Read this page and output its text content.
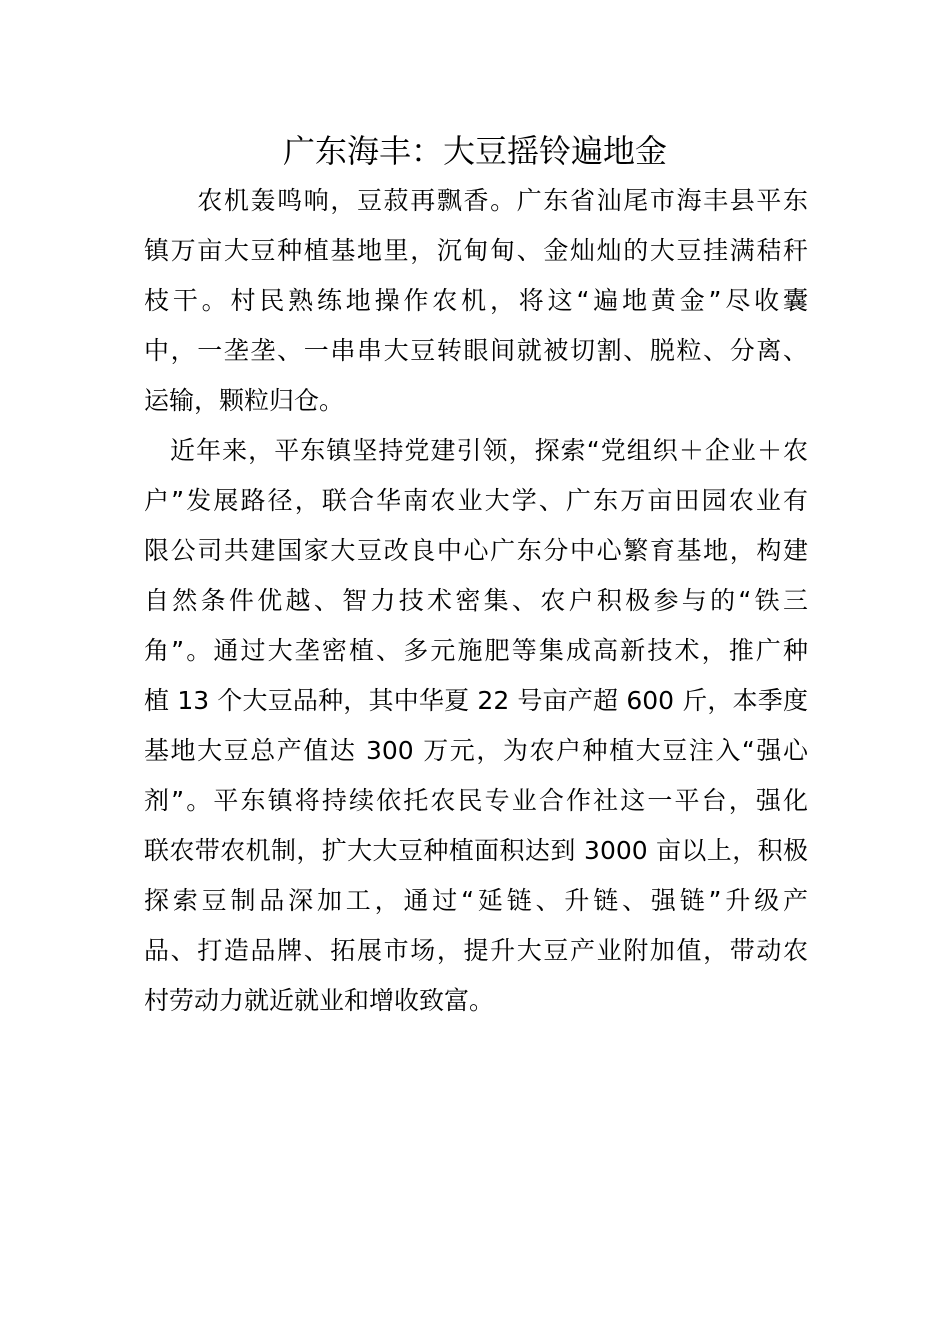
广东海丰：大豆摇铃遍地金
　　农机轰鸣响，豆菽再飘香。广东省汕尾市海丰县平东
镇万亩大豆种植基地里，沉甸甸、金灿灿的大豆挂满秸秆
枝干。村民熟练地操作农机，将这“遍地黄金”尽收囊
中，一垄垄、一串串大豆转眼间就被切割、脱粒、分离、
运输，颗粒归仓。
　近年来，平东镇坚持党建引领，探索“党组织＋企业＋农
户”发展路径，联合华南农业大学、广东万亩田园农业有
限公司共建国家大豆改良中心广东分中心繁育基地，构建
自然条件优越、智力技术密集、农户积极参与的“铁三
角”。通过大垄密植、多元施肥等集成高新技术，推广种
植 13 个大豆品种，其中华夏 22 号亩产超 600 斤，本季度
基地大豆总产值达 300 万元，为农户种植大豆注入“强心
剂”。平东镇将持续依托农民专业合作社这一平台，强化
联农带农机制，扩大大豆种植面积达到 3000 亩以上，积极
探索豆制品深加工，通过“延链、升链、强链”升级产
品、打造品牌、拓展市场，提升大豆产业附加值，带动农
村劳动力就近就业和增收致富。
